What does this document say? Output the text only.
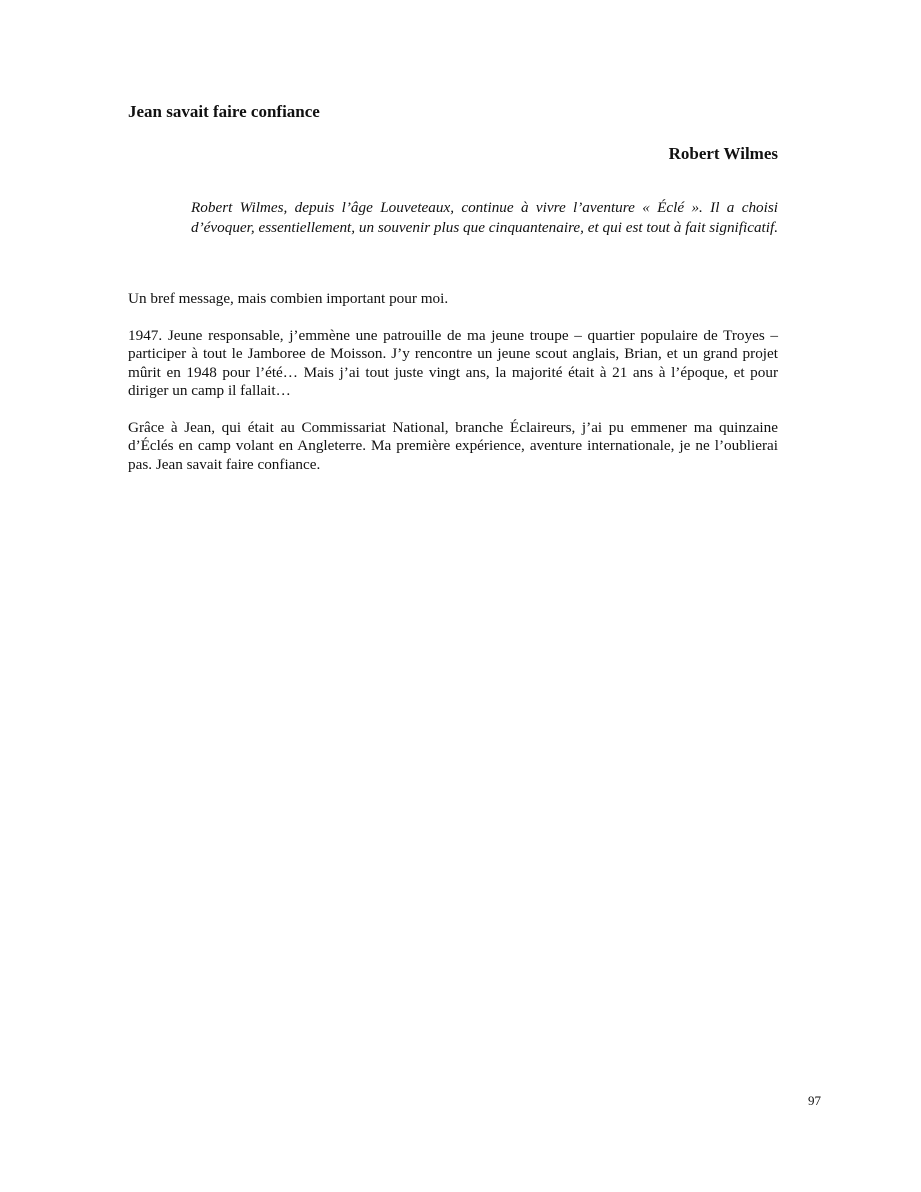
Jean savait faire confiance
Robert Wilmes

Robert Wilmes, depuis l’âge Louveteaux, continue à vivre l’aventure « Éclé ». Il a choisi d’évoquer, essentiellement, un souvenir plus que cinquantenaire, et qui est tout à fait significatif.

Un bref message, mais combien important pour moi.

1947. Jeune responsable, j’emmène une patrouille de ma jeune troupe – quartier populaire de Troyes – participer à tout le Jamboree de Moisson. J’y rencontre un jeune scout anglais, Brian, et un grand projet mûrit en 1948 pour l’été… Mais j’ai tout juste vingt ans, la majorité était à 21 ans à l’époque, et pour diriger un camp il fallait…

Grâce à Jean, qui était au Commissariat National, branche Éclaireurs, j’ai pu emmener ma quinzaine d’Éclés en camp volant en Angleterre. Ma première expérience, aventure internationale, je ne l’oublierai pas. Jean savait faire confiance.

97
